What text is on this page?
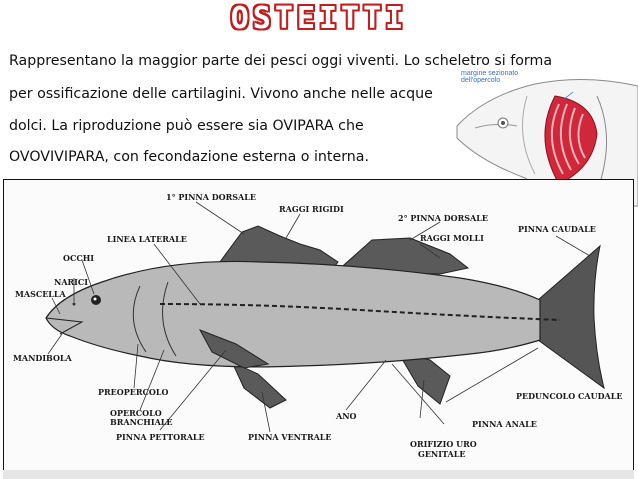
OSTEITTI
Rappresentano la maggior parte dei pesci oggi viventi. Lo scheletro si forma
per ossificazione delle cartilagini. Vivono anche nelle acque
dolci. La riproduzione può essere sia OVIPARA che
OVOVIVIPARA, con fecondazione esterna o interna.
margine sezionato dell'opercolo
1° PINNA DORSALE
RAGGI RIGIDI
2° PINNA DORSALE
RAGGI MOLLI
PINNA CAUDALE
LINEA LATERALE
OCCHI
NARICI
MASCELLA
MANDIBOLA
PREOPERCOLO
OPERCOLO
BRANCHIALE
PINNA PETTORALE	PINNA VENTRALE
ANO
PINNA ANALE
PEDUNCOLO CAUDALE
ORIFIZIO URO
GENITALE
